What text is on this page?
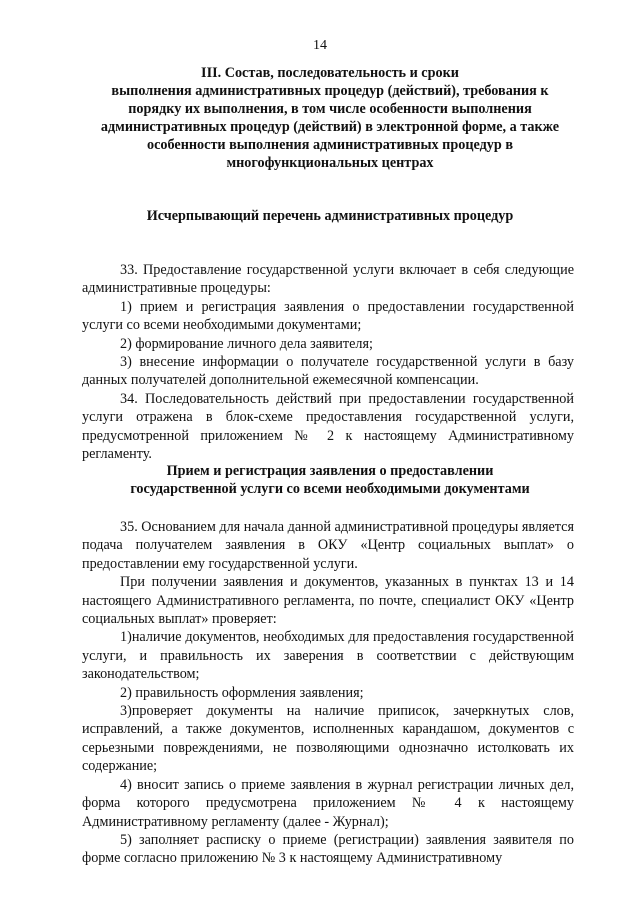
14
III. Состав, последовательность и сроки
выполнения административных процедур (действий), требования к
порядку их выполнения, в том числе особенности выполнения
административных процедур (действий) в электронной форме, а также
особенности выполнения административных процедур в
многофункциональных центрах
Исчерпывающий перечень административных процедур

33. Предоставление государственной услуги включает в себя следующие административные процедуры:

1) прием и регистрация заявления о предоставлении государственной услуги со всеми необходимыми документами;

2) формирование личного дела заявителя;

3) внесение информации о получателе государственной услуги в базу данных получателей дополнительной ежемесячной компенсации.

34. Последовательность действий при предоставлении государственной услуги отражена в блок-схеме предоставления государственной услуги, предусмотренной приложением № 2 к настоящему Административному регламенту.

Прием и регистрация заявления о предоставлении
государственной услуги со всеми необходимыми документами

35. Основанием для начала данной административной процедуры является подача получателем заявления в ОКУ «Центр социальных выплат» о предоставлении ему государственной услуги.

При получении заявления и документов, указанных в пунктах 13 и 14 настоящего Административного регламента, по почте, специалист ОКУ «Центр социальных выплат» проверяет:

1)наличие документов, необходимых для предоставления государственной услуги, и правильность их заверения в соответствии с действующим законодательством;

2) правильность оформления заявления;

3)проверяет документы на наличие приписок, зачеркнутых слов, исправлений, а также документов, исполненных карандашом, документов с серьезными повреждениями, не позволяющими однозначно истолковать их содержание;

4) вносит запись о приеме заявления в журнал регистрации личных дел, форма которого предусмотрена приложением № 4 к настоящему Административному регламенту (далее - Журнал);

5) заполняет расписку о приеме (регистрации) заявления заявителя по форме согласно приложению № 3 к настоящему Административному
